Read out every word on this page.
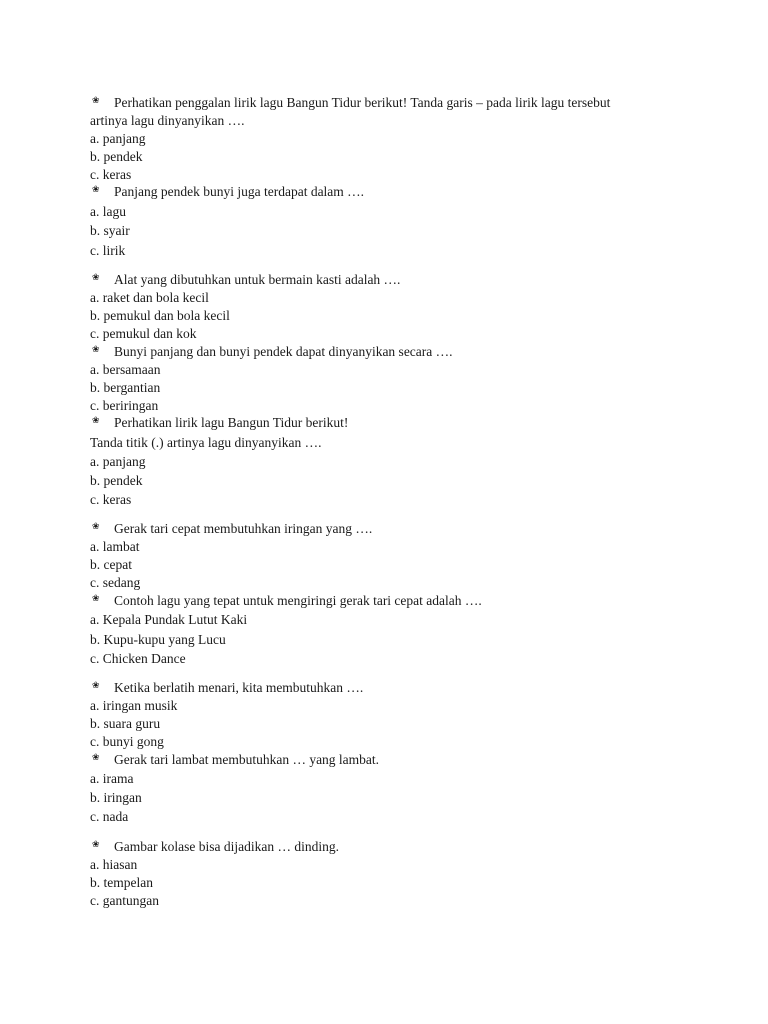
❀ Perhatikan penggalan lirik lagu Bangun Tidur berikut! Tanda garis – pada lirik lagu tersebut
artinya lagu dinyanyikan ….
a. panjang
b. pendek
c. keras
❀ Panjang pendek bunyi juga terdapat dalam ….
a. lagu
b. syair
c. lirik
❀ Alat yang dibutuhkan untuk bermain kasti adalah ….
a. raket dan bola kecil
b. pemukul dan bola kecil
c. pemukul dan kok
❀ Bunyi panjang dan bunyi pendek dapat dinyanyikan secara ….
a. bersamaan
b. bergantian
c. beriringan
❀ Perhatikan lirik lagu Bangun Tidur berikut!
Tanda titik (.) artinya lagu dinyanyikan ….
a. panjang
b. pendek
c. keras
❀ Gerak tari cepat membutuhkan iringan yang ….
a. lambat
b. cepat
c. sedang
❀ Contoh lagu yang tepat untuk mengiringi gerak tari cepat adalah ….
a. Kepala Pundak Lutut Kaki
b. Kupu-kupu yang Lucu
c. Chicken Dance
❀ Ketika berlatih menari, kita membutuhkan ….
a. iringan musik
b. suara guru
c. bunyi gong
❀ Gerak tari lambat membutuhkan … yang lambat.
a. irama
b. iringan
c. nada
❀ Gambar kolase bisa dijadikan … dinding.
a. hiasan
b. tempelan
c. gantungan
